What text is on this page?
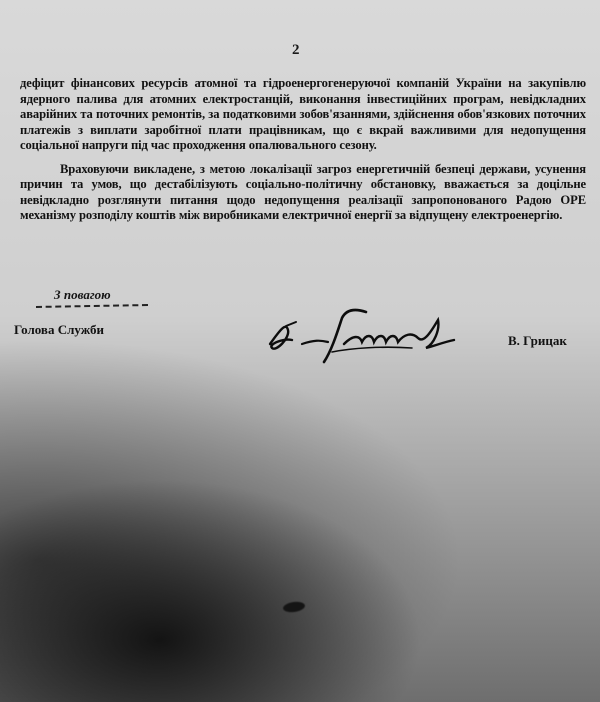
2

дефіцит фінансових ресурсів атомної та гідроенергогенеруючої компаній України на закупівлю ядерного палива для атомних електростанцій, виконання інвестиційних програм, невідкладних аварійних та поточних ремонтів, за податковими зобов'язаннями, здійснення обов'язкових поточних платежів з виплати заробітної плати працівникам, що є вкрай важливими для недопущення соціальної напруги під час проходження опалювального сезону.

Враховуючи викладене, з метою локалізації загроз енергетичній безпеці держави, усунення причин та умов, що дестабілізують соціально-політичну обстановку, вважається за доцільне невідкладно розглянути питання щодо недопущення реалізації запропонованого Радою ОРЕ механізму розподілу коштів між виробниками електричної енергії за відпущену електроенергію.

З повагою
Голова Служби
В. Грицак
